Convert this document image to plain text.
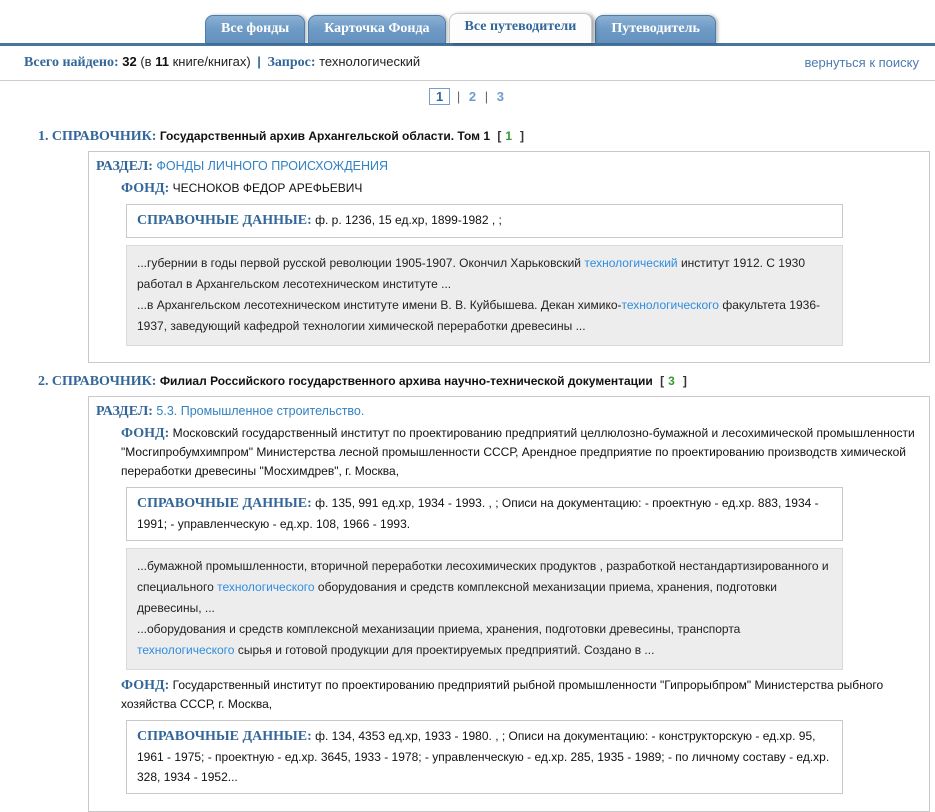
Все фонды	Карточка Фонда	Все путеводители	Путеводитель
Всего найдено: 32 (в 11 книге/книгах) | Запрос: технологический	вернуться к поиску
1 | 2 | 3
1. СПРАВОЧНИК: Государственный архив Архангельской области. Том 1 [ 1 ]
РАЗДЕЛ: ФОНДЫ ЛИЧНОГО ПРОИСХОЖДЕНИЯ
ФОНД: ЧЕСНОКОВ ФЕДОР АРЕФЬЕВИЧ
СПРАВОЧНЫЕ ДАННЫЕ: ф. р. 1236, 15 ед.хр, 1899-1982 , ;
...губернии в годы первой русской революции 1905-1907. Окончил Харьковский технологический институт 1912. С 1930 работал в Архангельском лесотехническом институте ...
...в Архангельском лесотехническом институте имени В. В. Куйбышева. Декан химико-технологического факультета 1936-1937, заведующий кафедрой технологии химической переработки древесины ...
2. СПРАВОЧНИК: Филиал Российского государственного архива научно-технической документации [ 3 ]
РАЗДЕЛ: 5.3. Промышленное строительство.
ФОНД: Московский государственный институт по проектированию предприятий целлюлозно-бумажной и лесохимической промышленности "Мосгипробумхимпром" Министерства лесной промышленности СССР, Арендное предприятие по проектированию производств химической переработки древесины "Мосхимдрев", г. Москва,
СПРАВОЧНЫЕ ДАННЫЕ: ф. 135, 991 ед.хр, 1934 - 1993. , ; Описи на документацию: - проектную - ед.хр. 883, 1934 - 1991; - управленческую - ед.хр. 108, 1966 - 1993.
...бумажной промышленности, вторичной переработки лесохимических продуктов , разработкой нестандартизированного и специального технологического оборудования и средств комплексной механизации приема, хранения, подготовки древесины, ...
...оборудования и средств комплексной механизации приема, хранения, подготовки древесины, транспорта технологического сырья и готовой продукции для проектируемых предприятий. Создано в ...
ФОНД: Государственный институт по проектированию предприятий рыбной промышленности "Гипрорыбпром" Министерства рыбного хозяйства СССР, г. Москва,
СПРАВОЧНЫЕ ДАННЫЕ: ф. 134, 4353 ед.хр, 1933 - 1980. , ; Описи на документацию: - конструкторскую - ед.хр. 95, 1961 - 1975; - проектную - ед.хр. 3645, 1933 - 1978; - управленческую - ед.хр. 285, 1935 - 1989; - по личному составу - ед.хр. 328, 1934 - 1952...
